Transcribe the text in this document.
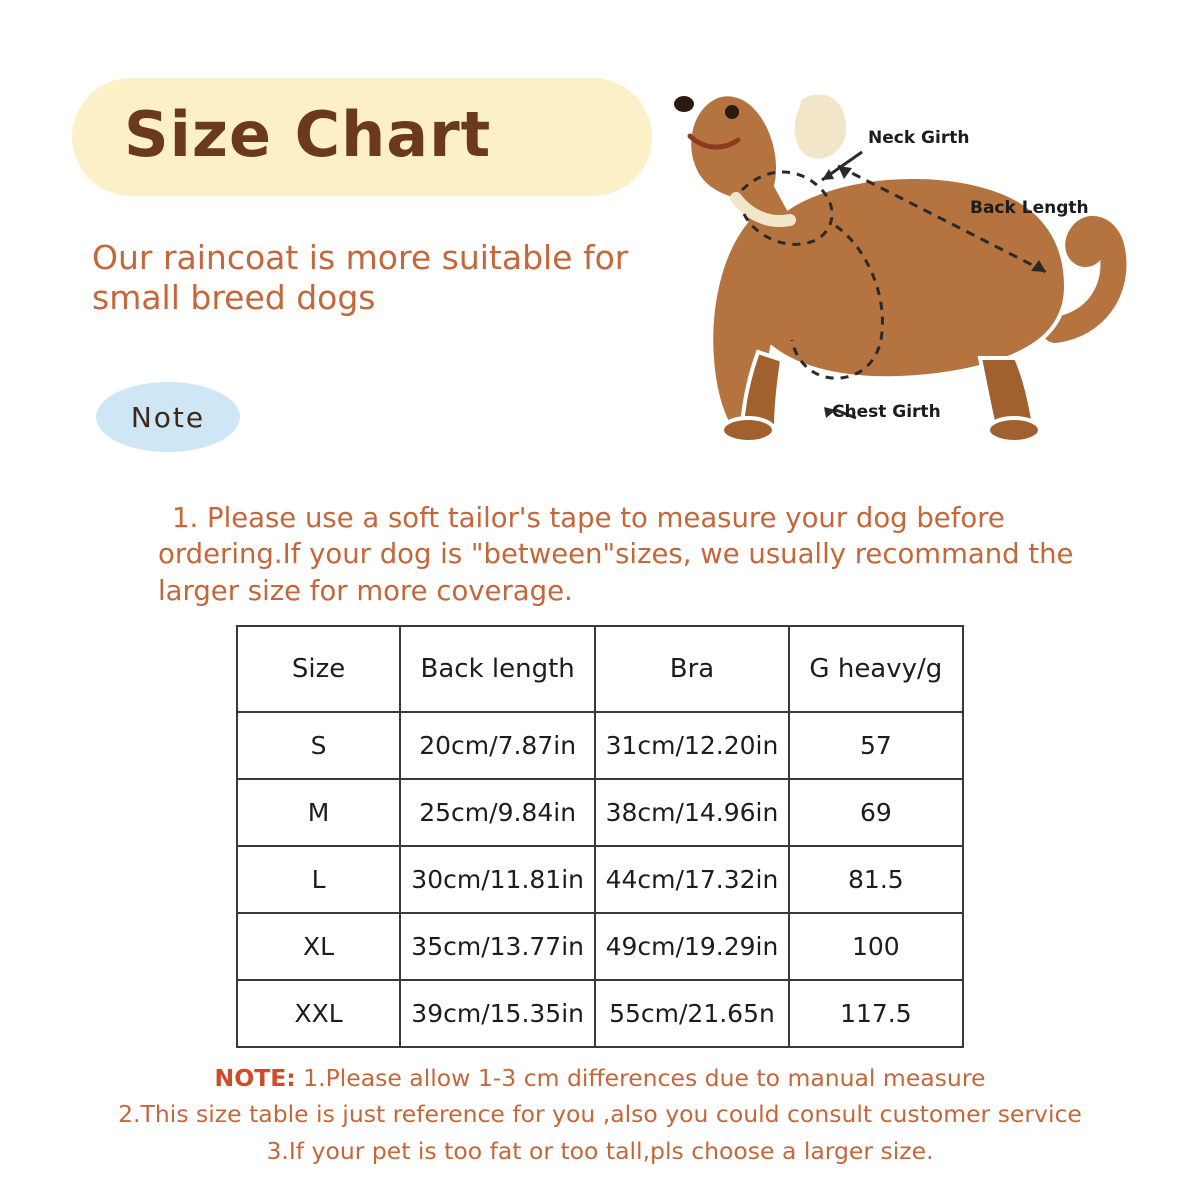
Size Chart
Our raincoat is more suitable for small breed dogs
Note
1. Please use a soft tailor's tape to measure your dog before ordering.If your dog is "between"sizes, we usually recommand the larger size for more coverage.
Neck Girth
Back Length
Chest Girth
Size	Back length	Bra	G heavy/g
S	20cm/7.87in	31cm/12.20in	57
M	25cm/9.84in	38cm/14.96in	69
L	30cm/11.81in	44cm/17.32in	81.5
XL	35cm/13.77in	49cm/19.29in	100
XXL	39cm/15.35in	55cm/21.65n	117.5
NOTE: 1.Please allow 1-3 cm differences due to manual measure
2.This size table is just reference for you ,also you could consult customer service
3.If your pet is too fat or too tall,pls choose a larger size.
